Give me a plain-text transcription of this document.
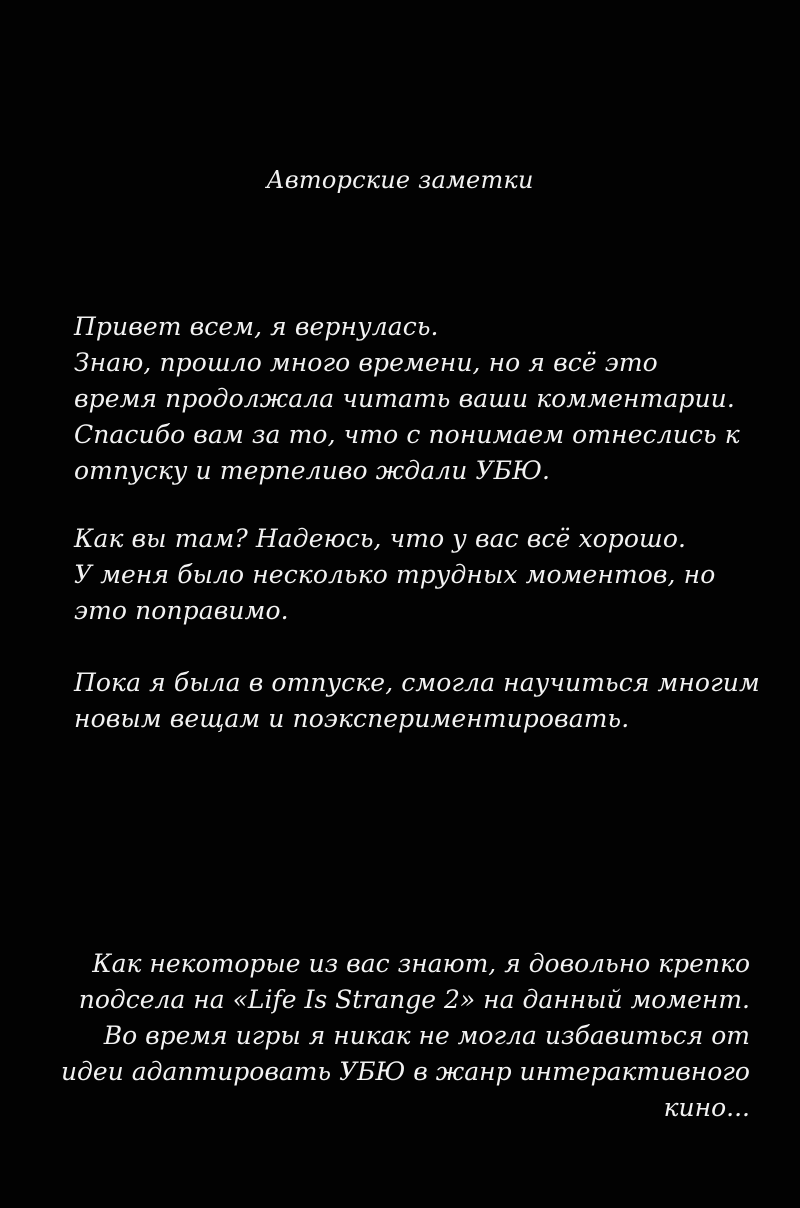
Авторские заметки
Привет всем, я вернулась.
Знаю, прошло много времени, но я всё это
время продолжала читать ваши комментарии.
Спасибо вам за то, что с понимаем отнеслись к
отпуску и терпеливо ждали УБЮ.
Как вы там? Надеюсь, что у вас всё хорошо.
У меня было несколько трудных моментов, но
это поправимо.
Пока я была в отпуске, смогла научиться многим
новым вещам и поэкспериментировать.
Как некоторые из вас знают, я довольно крепко
подсела на «Life Is Strange 2» на данный момент.
Во время игры я никак не могла избавиться от
идеи адаптировать УБЮ в жанр интерактивного
кино...
